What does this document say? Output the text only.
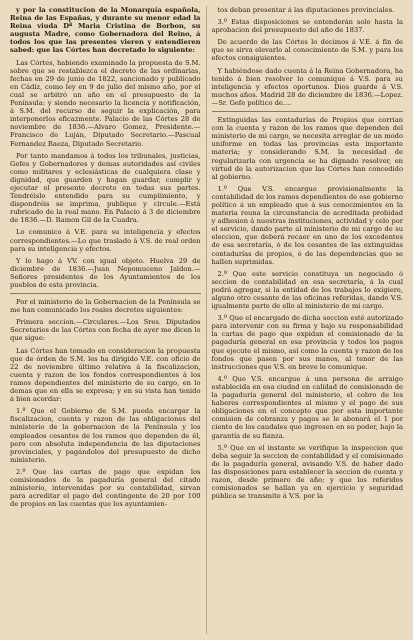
y por la constitucion de la Monarquía española, Reina de las Españas, y durante su menor edad la Reina viuda Dª Maria Cristina de Borbon, su augusta Madre, como Gobernadora del Reino, á todos los que las presentes vieren y entendieren sabed: que las Córtes han decretado lo siguiente:

Las Córtes, habiendo examinado la propuesta de S.M. sobre que se restablezca el decreto de las ordinarias, fechas en 29 de junio de 1822, sancionado y publicado en Cádiz, como ley en 9 de julio del mismo año, por el cual se arbitró un año en el presupuesto de la Península: y siendo necesario la licencia y notificación, á S.M. del recurso de seguir la explicación, para interponerlos eficazmente. Palacio de las Córtes 28 de noviembre de 1836.—Alvaro Gomez, Presidente.—Francisco de Luján, Diputado Secretario.—Pascual Fernandez Baeza, Diputado Secretario.

Por tanto mandamos á todos los tribunales, justicias, Gefes y Gobernadores y demas autoridades así civiles como militares y eclesiásticas de cualquiera clase y dignidad, que guarden y hagan guardar, cumplir y ejecutar el presente decreto en todas sus partes. Tendréislo entendido para su cumplimiento, y dispondréis se imprima, publique y circule.—Está rubricado de la real mano. En Palacio á 3 de diciembre de 1836.—D. Ramon Gil de la Cuadra.

Lo comunico á V.E. para su inteligencia y efectos correspondientes.—Lo que traslado á V.S. de real orden para su inteligencia y efectos.

Y lo hago á VV. con igual objeto. Huelva 29 de diciembre de 1836.—Juan Nepomuceno Jaldon.—Señores presidentes de los Ayuntamientos de los pueblos de esta provincia.

Por el ministerio de la Gobernacion de la Península se me han comunicado los reales decretos siguientes:

Primera seccion.—Circulares.—Los Sres. Diputados Secretarios de las Córtes con fecha de ayer me dicen lo que sigue:

Las Córtes han tomado en consideracion la propuesta que de órden de S.M. les ha dirigido V.E. con oficio de 22 de noviembre último relativa á la fiscalizacion, cuenta y razon de los fondos correspondientes á los ramos dependientes del ministerio de su cargo, en lo demas que en ella se expresa; y en su vista han tenido á bien acordar:

1.º Que el Gobierno de S.M. pueda encargar la fiscalizacion, cuenta y razon de las obligaciones del ministerio de la gobernacion de la Península y los empleados cesantes de los ramos que dependen de él, pero con absoluta independencia de las diputaciones provinciales, y pagándolos del presupuesto de dicho ministerio.

2.º Que las cartas de pago que expidan los comisionados de la pagaduría general del citado ministerio, intervenidas por su contabilidad, sirvan para acreditar el pago del contingente de 20 por 100 de propios en las cuentas que los ayuntamien-

tos deban presentar á las diputaciones provinciales.

3.º Estas disposiciones se entenderán solo hasta la aprobacion del presupuesto del año de 1837.

De acuerdo de las Córtes lo decimos á V.E. á fin de que se sirva elevarlo al conocimiento de S.M. y para los efectos consiguientes.

Y habiéndose dado cuenta á la Reina Gobernadora, ha tenido á bien resolver lo comunique á V.S. para su inteligencia y efectos oportunos. Dios guarde á V.S. muchos años. Madrid 28 de diciembre de 1836.—Lopez.—Sr. Gefe político de....

Extinguidas las contadurías de Propios que corrian con la cuenta y razon de los ramos que dependen del ministerio de mi cargo, se necesita arreglar de un modo uniforme en todas las provincias esta importante materia; y considerando S.M. la necesidad de regularizarla con urgencia se ha dignado resolver, en virtud de la autorizacion que las Córtes han concedido al gobierno.

1.º Que V.S. encargue provisionalmente la contabilidad de los ramos dependientes de ese gobierno político á un empleado que á sus conocimientos en la materia reuna la circunstancia de acreditada probidad y adhesion á nuestras instituciones, actividad y celo por el servicio, dando parte al ministerio de mi cargo de su eleccion, que deberá recaer en uno de los excedentes de esa secretaría, ó de los cesantes de las extinguidas contadurías de propios, ó de las dependencias que se hallen suprimidas.

2.º Que este servicio constituya un negociado ó seccion de contabilidad en esa secretaría, á la cual podrá agregar, si la entidad de los trabajos lo exigiere, alguno otro cesante de las oficinas referidas, dando V.S. igualmente parte de ello al ministerio de mi cargo.

3.º Que el encargado de dicha seccion esté autorizado para intervenir con su firma y bajo su responsabilidad la cartas de pago que expidan el comisionado de la pagaduría general en esa provincia y todos los pagos que ejecute el mismo, así como la cuenta y razon de los fondos que pasen por sus manos, al tenor de las instrucciones que V.S. en breve le comunique.

4.º Que V.S. encargue á una persona de arraigo establecida en esa ciudad en calidad de comisionado de la pagaduría general del ministerio, el cobro de los haberes correspondientes al mismo y el pago de sus obligaciones en el concepto que por esta importante comision de cobranza y pagos se le abonará el 1 por ciento de los caudales que ingresen en su poder, bajo la garantía de su fianza.

5.º Que en el instante se verifique la inspeccion que deba seguir la seccion de contabilidad y el comisionado de la pagaduría general, avisando V.S. de haber dado las disposiciones para establecer la seccion de cuenta y razon, desde primero de año; y que los referidos comisionados se hallan ya en ejercicio y seguridad pública se transmite á V.S. por la
